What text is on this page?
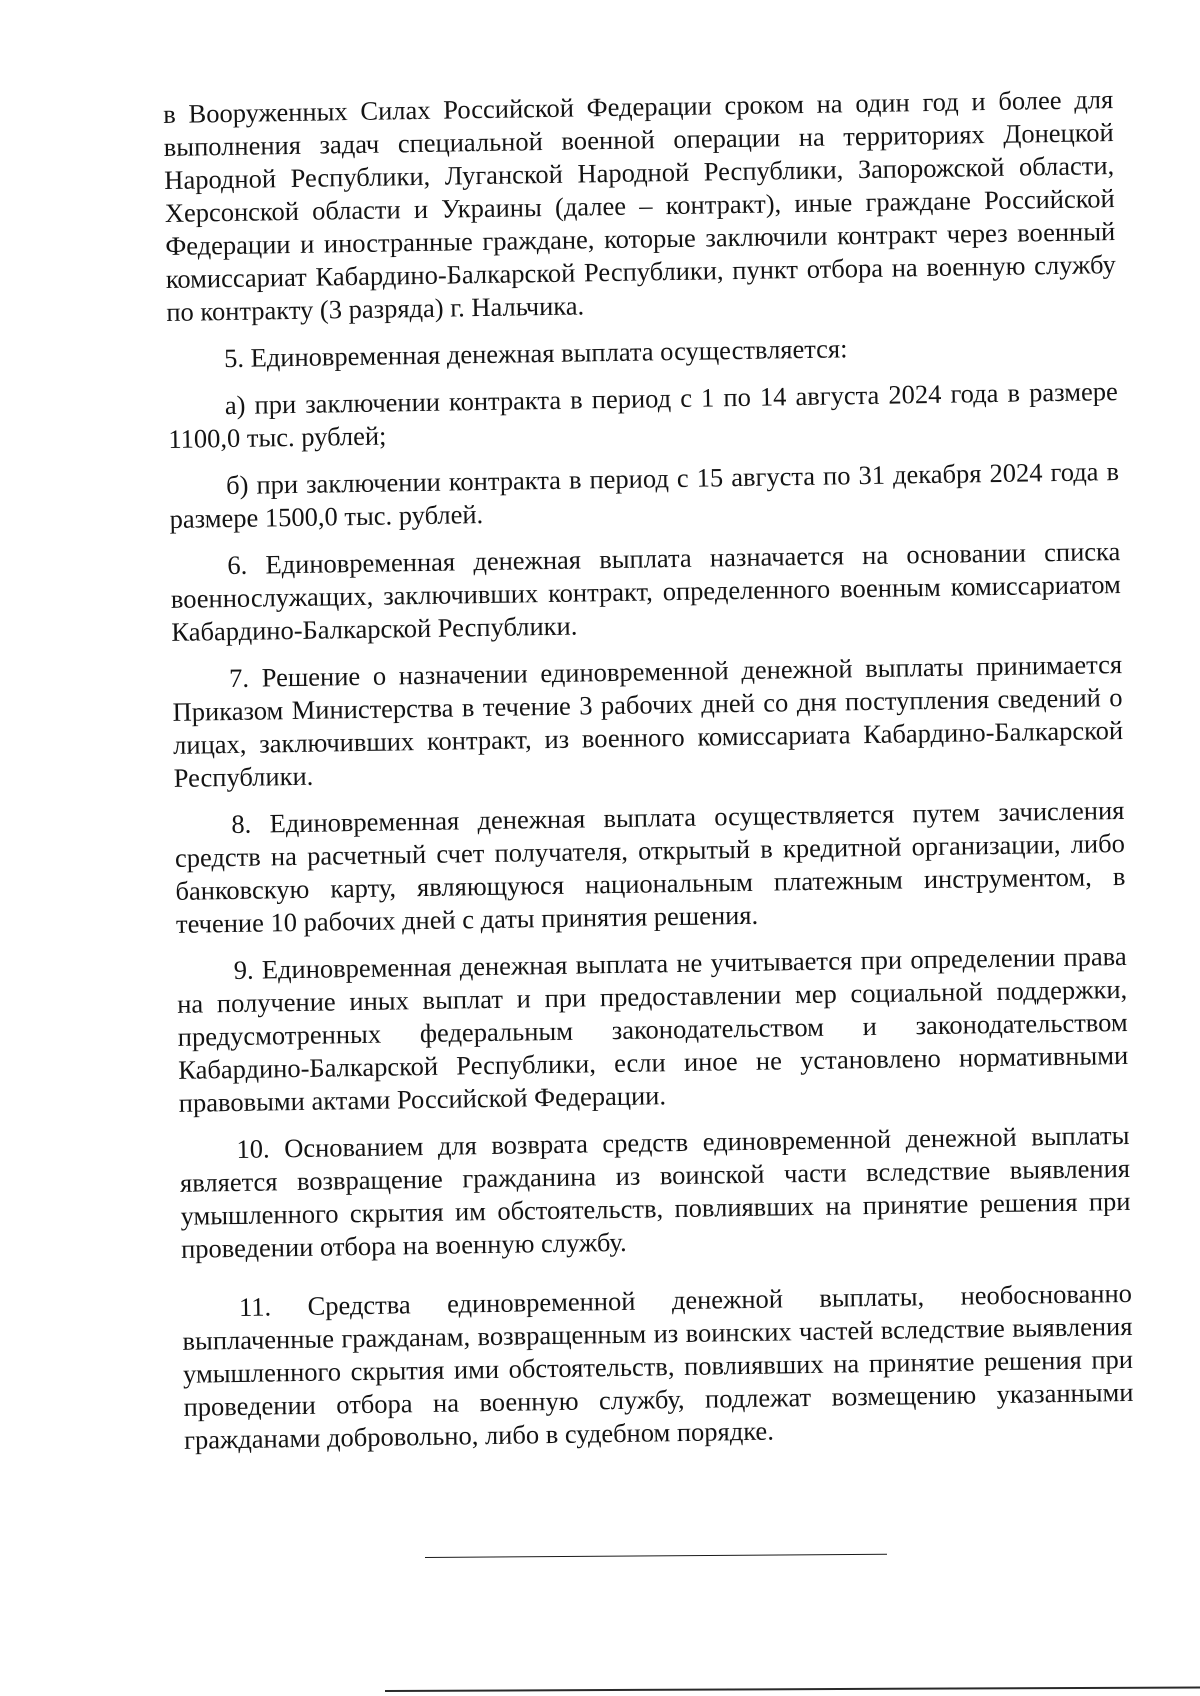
в Вооруженных Силах Российской Федерации сроком на один год и более для выполнения задач специальной военной операции на территориях Донецкой Народной Республики, Луганской Народной Республики, Запорожской области, Херсонской области и Украины (далее – контракт), иные граждане Российской Федерации и иностранные граждане, которые заключили контракт через военный комиссариат Кабардино-Балкарской Республики, пункт отбора на военную службу по контракту (3 разряда) г. Нальчика.

5. Единовременная денежная выплата осуществляется:

а) при заключении контракта в период с 1 по 14 августа 2024 года в размере 1100,0 тыс. рублей;

б) при заключении контракта в период с 15 августа по 31 декабря 2024 года в размере 1500,0 тыс. рублей.

6. Единовременная денежная выплата назначается на основании списка военнослужащих, заключивших контракт, определенного военным комиссариатом Кабардино-Балкарской Республики.

7. Решение о назначении единовременной денежной выплаты принимается Приказом Министерства в течение 3 рабочих дней со дня поступления сведений о лицах, заключивших контракт, из военного комиссариата Кабардино-Балкарской Республики.

8. Единовременная денежная выплата осуществляется путем зачисления средств на расчетный счет получателя, открытый в кредитной организации, либо банковскую карту, являющуюся национальным платежным инструментом, в течение 10 рабочих дней с даты принятия решения.

9. Единовременная денежная выплата не учитывается при определении права на получение иных выплат и при предоставлении мер социальной поддержки, предусмотренных федеральным законодательством и законодательством Кабардино-Балкарской Республики, если иное не установлено нормативными правовыми актами Российской Федерации.

10. Основанием для возврата средств единовременной денежной выплаты является возвращение гражданина из воинской части вследствие выявления умышленного скрытия им обстоятельств, повлиявших на принятие решения при проведении отбора на военную службу.

11. Средства единовременной денежной выплаты, необоснованно выплаченные гражданам, возвращенным из воинских частей вследствие выявления умышленного скрытия ими обстоятельств, повлиявших на принятие решения при проведении отбора на военную службу, подлежат возмещению указанными гражданами добровольно, либо в судебном порядке.
